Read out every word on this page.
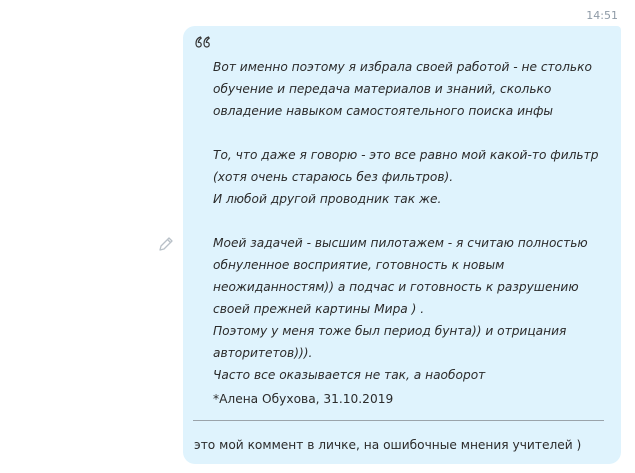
14:51

Вот именно поэтому я избрала своей работой - не столько

обучение и передача материалов и знаний, сколько

овладение навыком самостоятельного поиска инфы

То, что даже я говорю - это все равно мой какой-то фильтр

(хотя очень стараюсь без фильтров).

И любой другой проводник так же.

Моей задачей - высшим пилотажем - я считаю полностью

обнуленное восприятие, готовность к новым

неожиданностям)) а подчас и готовность к разрушению

своей прежней картины Мира ) .

Поэтому у меня тоже был период бунта)) и отрицания

авторитетов))).

Часто все оказывается не так, а наоборот

*Алена Обухова, 31.10.2019
это мой коммент в личке, на ошибочные мнения учителей )
